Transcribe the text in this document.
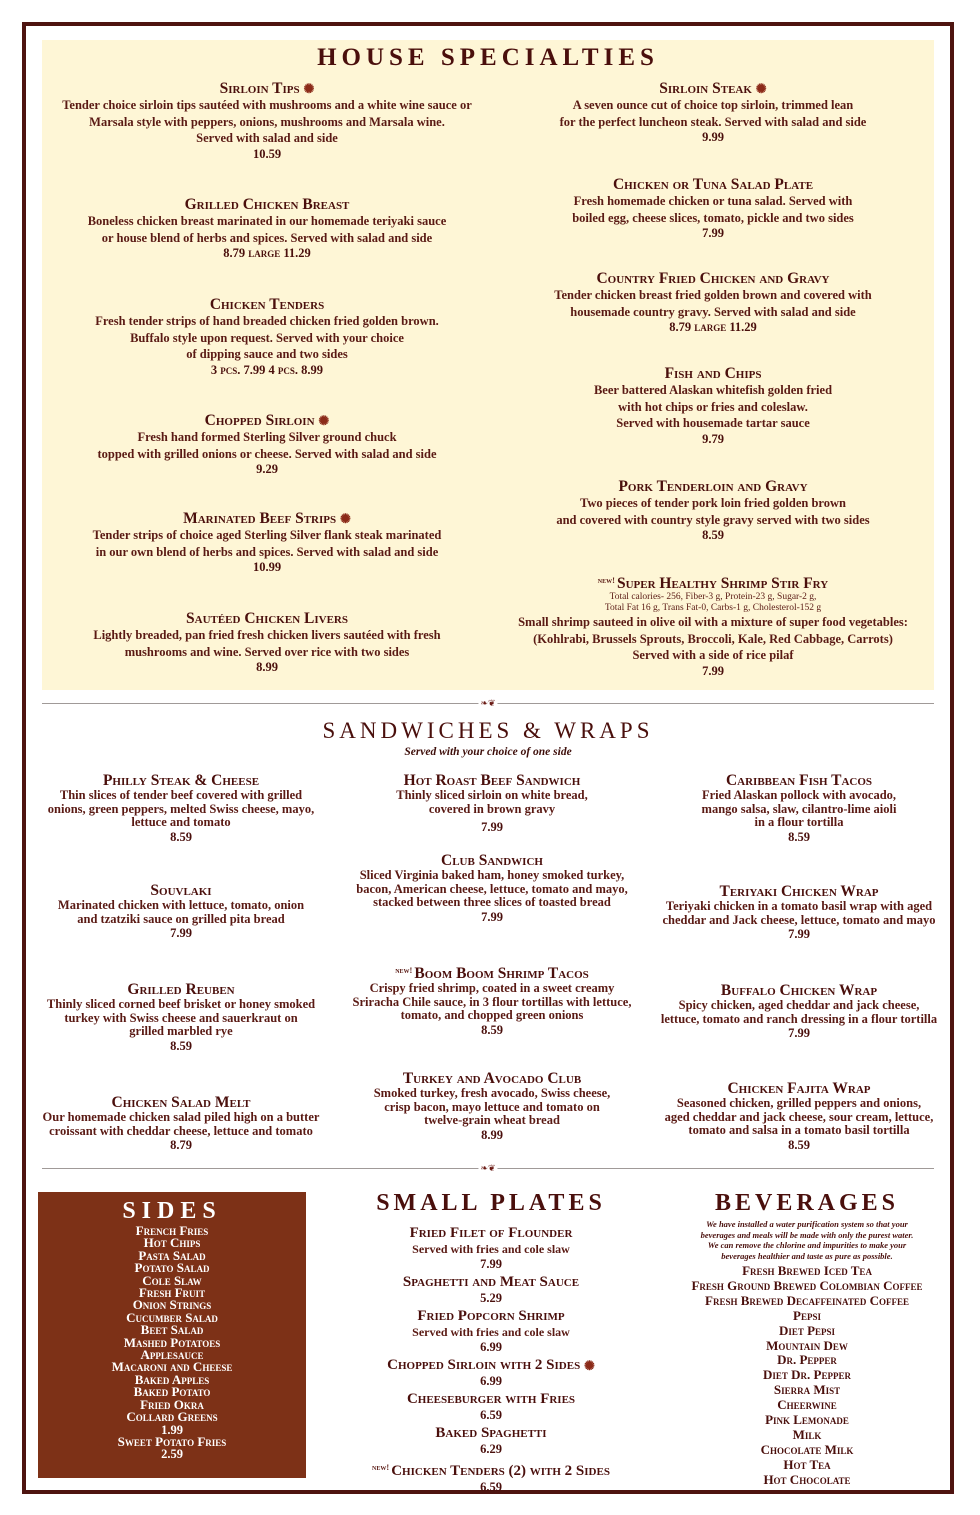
HOUSE SPECIALTIES
Sirloin Tips ✺
Tender choice sirloin tips sautéed with mushrooms and a white wine sauce or
Marsala style with peppers, onions, mushrooms and Marsala wine.
Served with salad and side
10.59
Grilled Chicken Breast
Boneless chicken breast marinated in our homemade teriyaki sauce
or house blend of herbs and spices. Served with salad and side
8.79 large 11.29
Chicken Tenders
Fresh tender strips of hand breaded chicken fried golden brown.
Buffalo style upon request. Served with your choice
of dipping sauce and two sides
3 pcs. 7.99 4 pcs. 8.99
Chopped Sirloin ✺
Fresh hand formed Sterling Silver ground chuck
topped with grilled onions or cheese. Served with salad and side
9.29
Marinated Beef Strips ✺
Tender strips of choice aged Sterling Silver flank steak marinated
in our own blend of herbs and spices. Served with salad and side
10.99
Sautéed Chicken Livers
Lightly breaded, pan fried fresh chicken livers sautéed with fresh
mushrooms and wine. Served over rice with two sides
8.99
Sirloin Steak ✺
A seven ounce cut of choice top sirloin, trimmed lean
for the perfect luncheon steak. Served with salad and side
9.99
Chicken or Tuna Salad Plate
Fresh homemade chicken or tuna salad. Served with
boiled egg, cheese slices, tomato, pickle and two sides
7.99
Country Fried Chicken and Gravy
Tender chicken breast fried golden brown and covered with
housemade country gravy. Served with salad and side
8.79 large 11.29
Fish and Chips
Beer battered Alaskan whitefish golden fried
with hot chips or fries and coleslaw.
Served with housemade tartar sauce
9.79
Pork Tenderloin and Gravy
Two pieces of tender pork loin fried golden brown
and covered with country style gravy served with two sides
8.59
$^{new!}$ Super Healthy Shrimp Stir Fry
Total calories- 256, Fiber-3 g, Protein-23 g, Sugar-2 g,
Total Fat 16 g, Trans Fat-0, Carbs-1 g, Cholesterol-152 g
Small shrimp sauteed in olive oil with a mixture of super food vegetables:
(Kohlrabi, Brussels Sprouts, Broccoli, Kale, Red Cabbage, Carrots)
Served with a side of rice pilaf
7.99
❧❦
SANDWICHES & WRAPS
Served with your choice of one side
Philly Steak & Cheese
Thin slices of tender beef covered with grilled
onions, green peppers, melted Swiss cheese, mayo,
lettuce and tomato
8.59
Souvlaki
Marinated chicken with lettuce, tomato, onion
and tzatziki sauce on grilled pita bread
7.99
Grilled Reuben
Thinly sliced corned beef brisket or honey smoked
turkey with Swiss cheese and sauerkraut on
grilled marbled rye
8.59
Chicken Salad Melt
Our homemade chicken salad piled high on a butter
croissant with cheddar cheese, lettuce and tomato
8.79
Hot Roast Beef Sandwich
Thinly sliced sirloin on white bread,
covered in brown gravy
7.99
Club Sandwich
Sliced Virginia baked ham, honey smoked turkey,
bacon, American cheese, lettuce, tomato and mayo,
stacked between three slices of toasted bread
7.99
$^{new!}$ Boom Boom Shrimp Tacos
Crispy fried shrimp, coated in a sweet creamy
Sriracha Chile sauce, in 3 flour tortillas with lettuce,
tomato, and chopped green onions
8.59
Turkey and Avocado Club
Smoked turkey, fresh avocado, Swiss cheese,
crisp bacon, mayo lettuce and tomato on
twelve-grain wheat bread
8.99
Caribbean Fish Tacos
Fried Alaskan pollock with avocado,
mango salsa, slaw, cilantro-lime aioli
in a flour tortilla
8.59
Teriyaki Chicken Wrap
Teriyaki chicken in a tomato basil wrap with aged
cheddar and Jack cheese, lettuce, tomato and mayo
7.99
Buffalo Chicken Wrap
Spicy chicken, aged cheddar and jack cheese,
lettuce, tomato and ranch dressing in a flour tortilla
7.99
Chicken Fajita Wrap
Seasoned chicken, grilled peppers and onions,
aged cheddar and jack cheese, sour cream, lettuce,
tomato and salsa in a tomato basil tortilla
8.59
❧❦
SIDES
French Fries
Hot Chips
Pasta Salad
Potato Salad
Cole Slaw
Fresh Fruit
Onion Strings
Cucumber Salad
Beet Salad
Mashed Potatoes
Applesauce
Macaroni and Cheese
Baked Apples
Baked Potato
Fried Okra
Collard Greens
1.99
Sweet Potato Fries
2.59
SMALL PLATES
Fried Filet of Flounder
Served with fries and cole slaw
7.99
Spaghetti and Meat Sauce
5.29
Fried Popcorn Shrimp
Served with fries and cole slaw
6.99
Chopped Sirloin with 2 Sides ✺
6.99
Cheeseburger with Fries
6.59
Baked Spaghetti
6.29
$^{new!}$ Chicken Tenders (2) with 2 Sides
6.59
BEVERAGES
We have installed a water purification system so that your
beverages and meals will be made with only the purest water.
We can remove the chlorine and impurities to make your
beverages healthier and taste as pure as possible.
Fresh Brewed Iced Tea
Fresh Ground Brewed Colombian Coffee
Fresh Brewed Decaffeinated Coffee
Pepsi
Diet Pepsi
Mountain Dew
Dr. Pepper
Diet Dr. Pepper
Sierra Mist
Cheerwine
Pink Lemonade
Milk
Chocolate Milk
Hot Tea
Hot Chocolate
